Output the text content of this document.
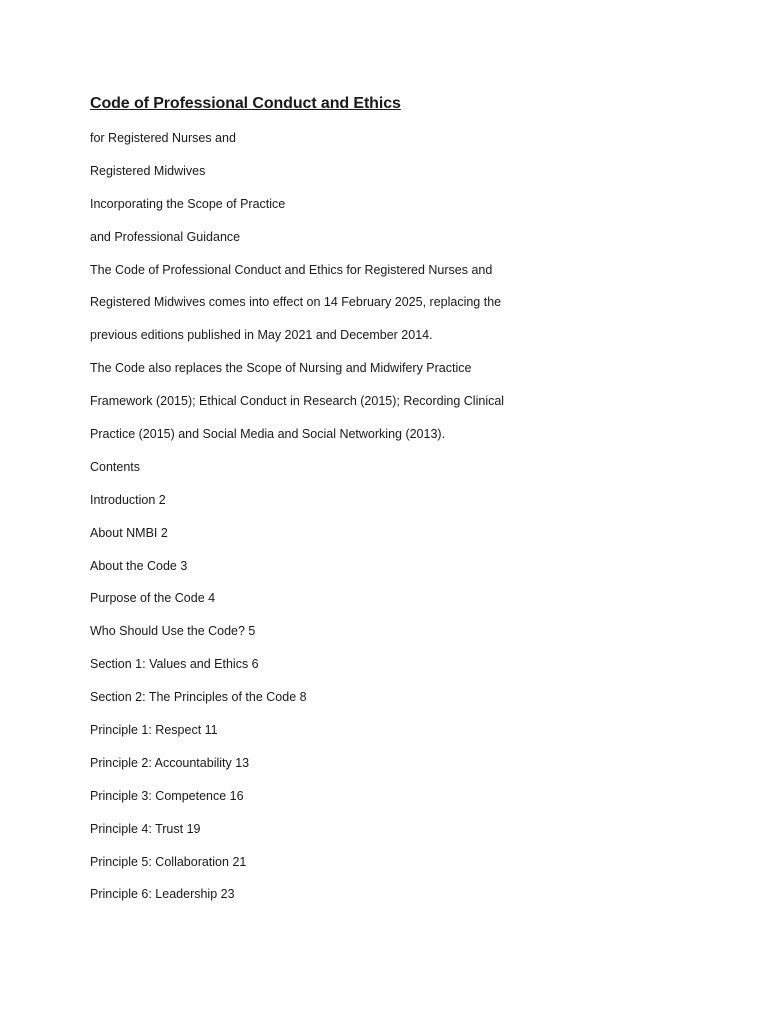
Code of Professional Conduct and Ethics
for Registered Nurses and
Registered Midwives
Incorporating the Scope of Practice
and Professional Guidance
The Code of Professional Conduct and Ethics for Registered Nurses and
Registered Midwives comes into effect on 14 February 2025, replacing the
previous editions published in May 2021 and December 2014.
The Code also replaces the Scope of Nursing and Midwifery Practice
Framework (2015); Ethical Conduct in Research (2015); Recording Clinical
Practice (2015) and Social Media and Social Networking (2013).
Contents
Introduction 2
About NMBI 2
About the Code 3
Purpose of the Code 4
Who Should Use the Code? 5
Section 1: Values and Ethics 6
Section 2: The Principles of the Code 8
Principle 1: Respect 11
Principle 2: Accountability 13
Principle 3: Competence 16
Principle 4: Trust 19
Principle 5: Collaboration 21
Principle 6: Leadership 23
